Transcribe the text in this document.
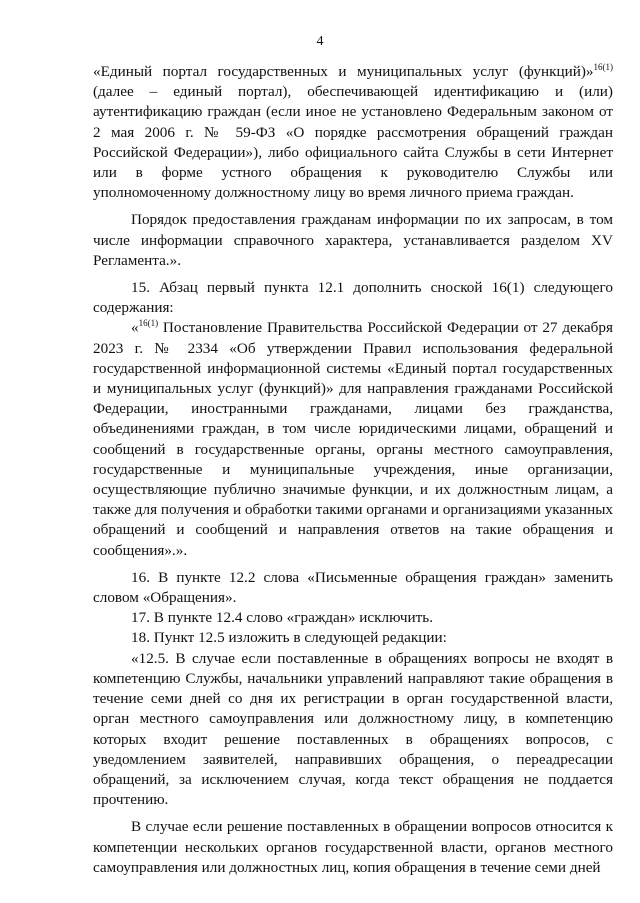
4

«Единый портал государственных и муниципальных услуг (функций)»$^{16(1)}$ (далее – единый портал), обеспечивающей идентификацию и (или) аутентификацию граждан (если иное не установлено Федеральным законом от 2 мая 2006 г. № 59-ФЗ «О порядке рассмотрения обращений граждан Российской Федерации»), либо официального сайта Службы в сети Интернет или в форме устного обращения к руководителю Службы или уполномоченному должностному лицу во время личного приема граждан.

Порядок предоставления гражданам информации по их запросам, в том числе информации справочного характера, устанавливается разделом XV Регламента.».

15. Абзац первый пункта 12.1 дополнить сноской 16(1) следующего содержания:

«$^{16(1)}$ Постановление Правительства Российской Федерации от 27 декабря 2023 г. № 2334 «Об утверждении Правил использования федеральной государственной информационной системы «Единый портал государственных и муниципальных услуг (функций)» для направления гражданами Российской Федерации, иностранными гражданами, лицами без гражданства, объединениями граждан, в том числе юридическими лицами, обращений и сообщений в государственные органы, органы местного самоуправления, государственные и муниципальные учреждения, иные организации, осуществляющие публично значимые функции, и их должностным лицам, а также для получения и обработки такими органами и организациями указанных обращений и сообщений и направления ответов на такие обращения и сообщения».».

16. В пункте 12.2 слова «Письменные обращения граждан» заменить словом «Обращения».

17. В пункте 12.4 слово «граждан» исключить.

18. Пункт 12.5 изложить в следующей редакции:

«12.5. В случае если поставленные в обращениях вопросы не входят в компетенцию Службы, начальники управлений направляют такие обращения в течение семи дней со дня их регистрации в орган государственной власти, орган местного самоуправления или должностному лицу, в компетенцию которых входит решение поставленных в обращениях вопросов, с уведомлением заявителей, направивших обращения, о переадресации обращений, за исключением случая, когда текст обращения не поддается прочтению.

В случае если решение поставленных в обращении вопросов относится к компетенции нескольких органов государственной власти, органов местного самоуправления или должностных лиц, копия обращения в течение семи дней
